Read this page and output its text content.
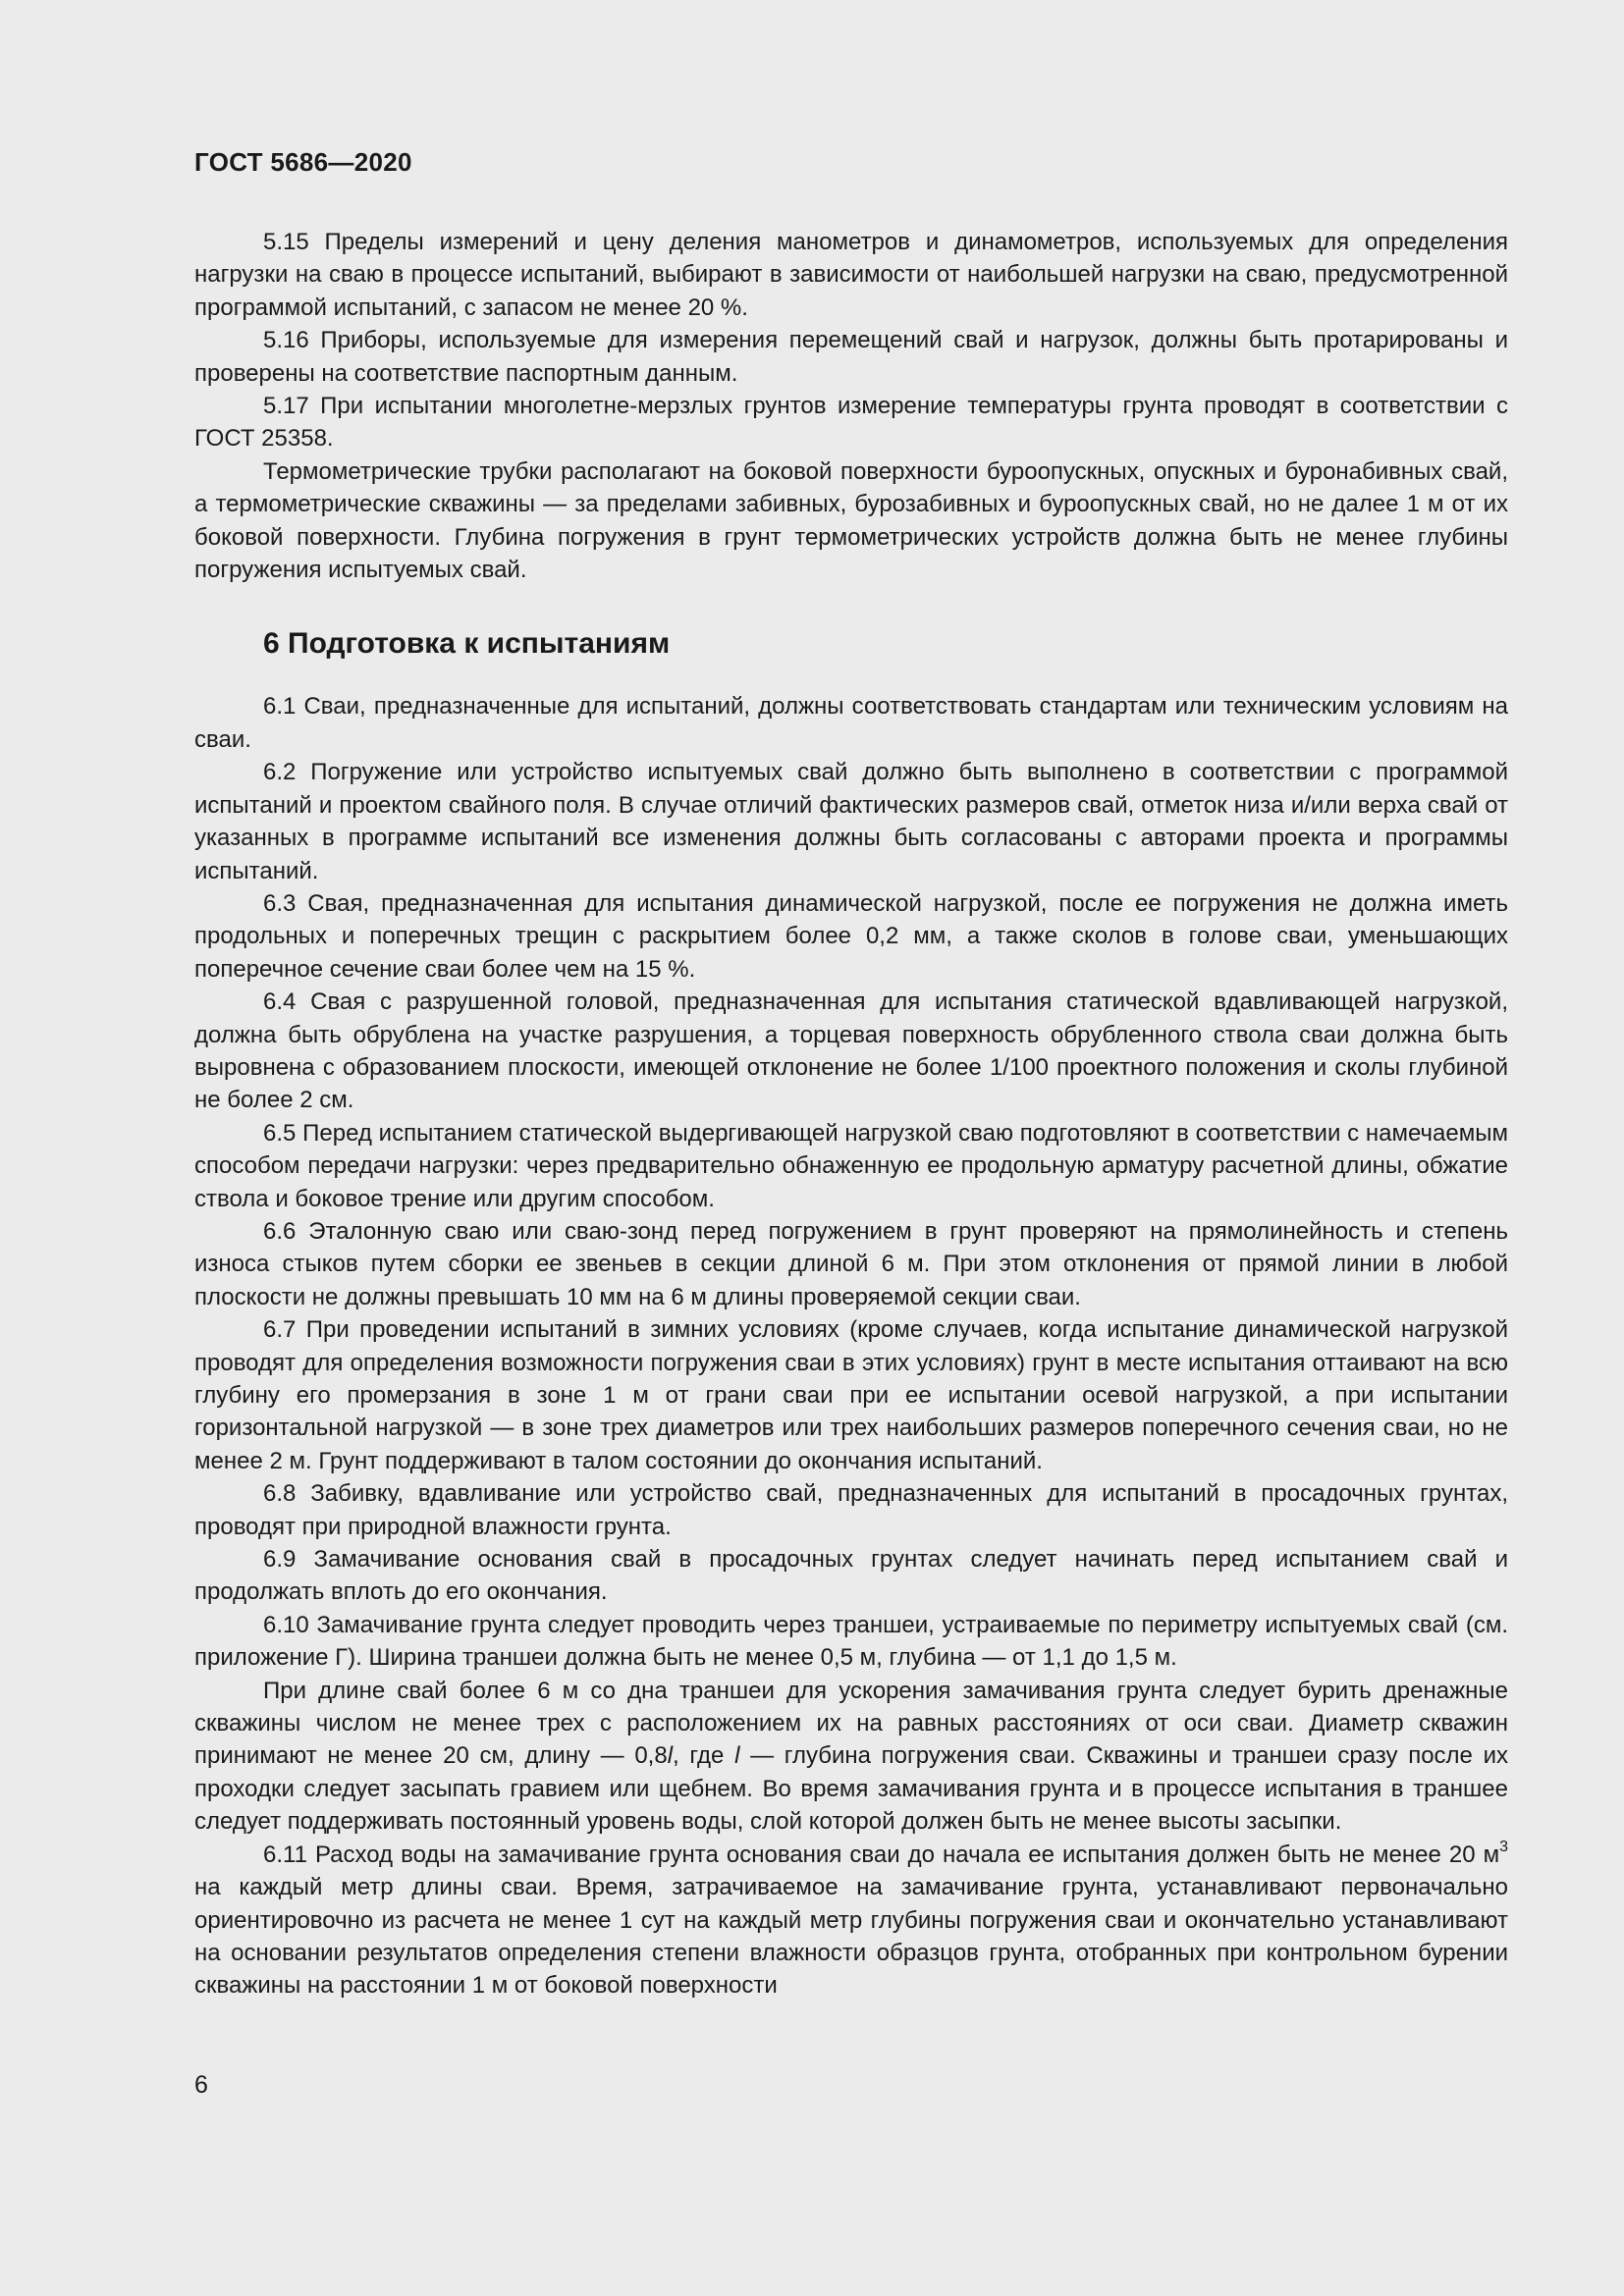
ГОСТ 5686—2020

5.15 Пределы измерений и цену деления манометров и динамометров, используемых для определения нагрузки на сваю в процессе испытаний, выбирают в зависимости от наибольшей нагрузки на сваю, предусмотренной программой испытаний, с запасом не менее 20 %.

5.16 Приборы, используемые для измерения перемещений свай и нагрузок, должны быть протарированы и проверены на соответствие паспортным данным.

5.17 При испытании многолетне-мерзлых грунтов измерение температуры грунта проводят в соответствии с ГОСТ 25358.

Термометрические трубки располагают на боковой поверхности буроопускных, опускных и буронабивных свай, а термометрические скважины — за пределами забивных, бурозабивных и буроопускных свай, но не далее 1 м от их боковой поверхности. Глубина погружения в грунт термометрических устройств должна быть не менее глубины погружения испытуемых свай.

6 Подготовка к испытаниям

6.1 Сваи, предназначенные для испытаний, должны соответствовать стандартам или техническим условиям на сваи.

6.2 Погружение или устройство испытуемых свай должно быть выполнено в соответствии с программой испытаний и проектом свайного поля. В случае отличий фактических размеров свай, отметок низа и/или верха свай от указанных в программе испытаний все изменения должны быть согласованы с авторами проекта и программы испытаний.

6.3 Свая, предназначенная для испытания динамической нагрузкой, после ее погружения не должна иметь продольных и поперечных трещин с раскрытием более 0,2 мм, а также сколов в голове сваи, уменьшающих поперечное сечение сваи более чем на 15 %.

6.4 Свая с разрушенной головой, предназначенная для испытания статической вдавливающей нагрузкой, должна быть обрублена на участке разрушения, а торцевая поверхность обрубленного ствола сваи должна быть выровнена с образованием плоскости, имеющей отклонение не более 1/100 проектного положения и сколы глубиной не более 2 см.

6.5 Перед испытанием статической выдергивающей нагрузкой сваю подготовляют в соответствии с намечаемым способом передачи нагрузки: через предварительно обнаженную ее продольную арматуру расчетной длины, обжатие ствола и боковое трение или другим способом.

6.6 Эталонную сваю или сваю-зонд перед погружением в грунт проверяют на прямолинейность и степень износа стыков путем сборки ее звеньев в секции длиной 6 м. При этом отклонения от прямой линии в любой плоскости не должны превышать 10 мм на 6 м длины проверяемой секции сваи.

6.7 При проведении испытаний в зимних условиях (кроме случаев, когда испытание динамической нагрузкой проводят для определения возможности погружения сваи в этих условиях) грунт в месте испытания оттаивают на всю глубину его промерзания в зоне 1 м от грани сваи при ее испытании осевой нагрузкой, а при испытании горизонтальной нагрузкой — в зоне трех диаметров или трех наибольших размеров поперечного сечения сваи, но не менее 2 м. Грунт поддерживают в талом состоянии до окончания испытаний.

6.8 Забивку, вдавливание или устройство свай, предназначенных для испытаний в просадочных грунтах, проводят при природной влажности грунта.

6.9 Замачивание основания свай в просадочных грунтах следует начинать перед испытанием свай и продолжать вплоть до его окончания.

6.10 Замачивание грунта следует проводить через траншеи, устраиваемые по периметру испытуемых свай (см. приложение Г). Ширина траншеи должна быть не менее 0,5 м, глубина — от 1,1 до 1,5 м.

При длине свай более 6 м со дна траншеи для ускорения замачивания грунта следует бурить дренажные скважины числом не менее трех с расположением их на равных расстояниях от оси сваи. Диаметр скважин принимают не менее 20 см, длину — 0,8l, где l — глубина погружения сваи. Скважины и траншеи сразу после их проходки следует засыпать гравием или щебнем. Во время замачивания грунта и в процессе испытания в траншее следует поддерживать постоянный уровень воды, слой которой должен быть не менее высоты засыпки.

6.11 Расход воды на замачивание грунта основания сваи до начала ее испытания должен быть не менее 20 $м^3$ на каждый метр длины сваи. Время, затрачиваемое на замачивание грунта, устанавливают первоначально ориентировочно из расчета не менее 1 сут на каждый метр глубины погружения сваи и окончательно устанавливают на основании результатов определения степени влажности образцов грунта, отобранных при контрольном бурении скважины на расстоянии 1 м от боковой поверхности

6
